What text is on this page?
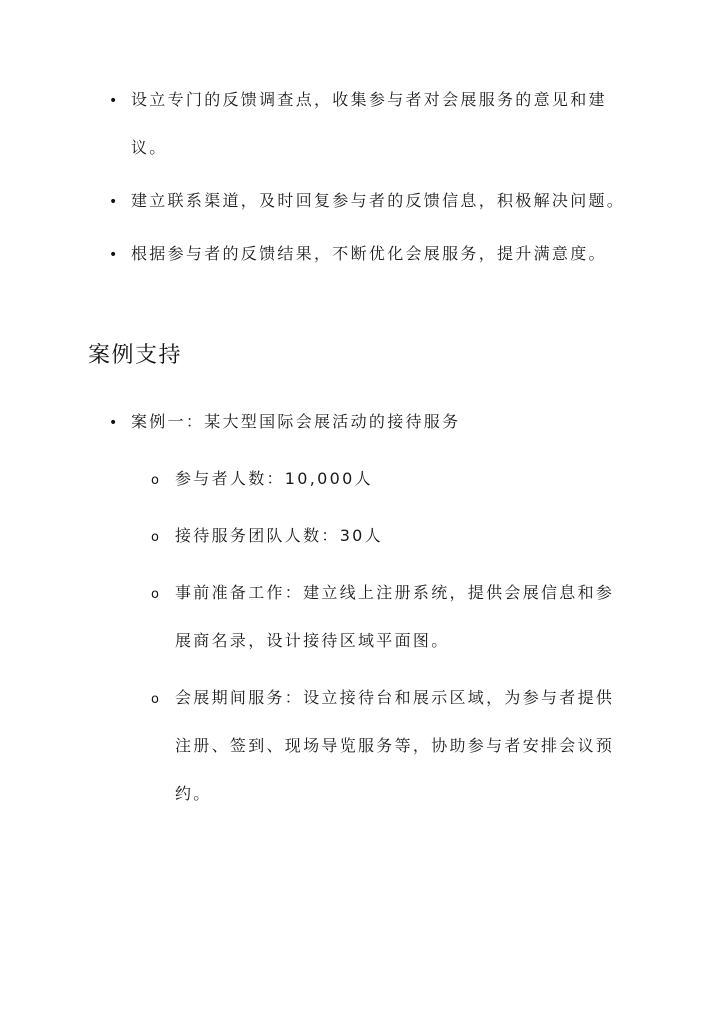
• 设立专门的反馈调查点，收集参与者对会展服务的意见和建议。
• 建立联系渠道，及时回复参与者的反馈信息，积极解决问题。
• 根据参与者的反馈结果，不断优化会展服务，提升满意度。
案例支持
• 案例一：某大型国际会展活动的接待服务
o 参与者人数：10,000人
o 接待服务团队人数：30人
o 事前准备工作：建立线上注册系统，提供会展信息和参展商名录，设计接待区域平面图。
o 会展期间服务：设立接待台和展示区域，为参与者提供注册、签到、现场导览服务等，协助参与者安排会议预约。
